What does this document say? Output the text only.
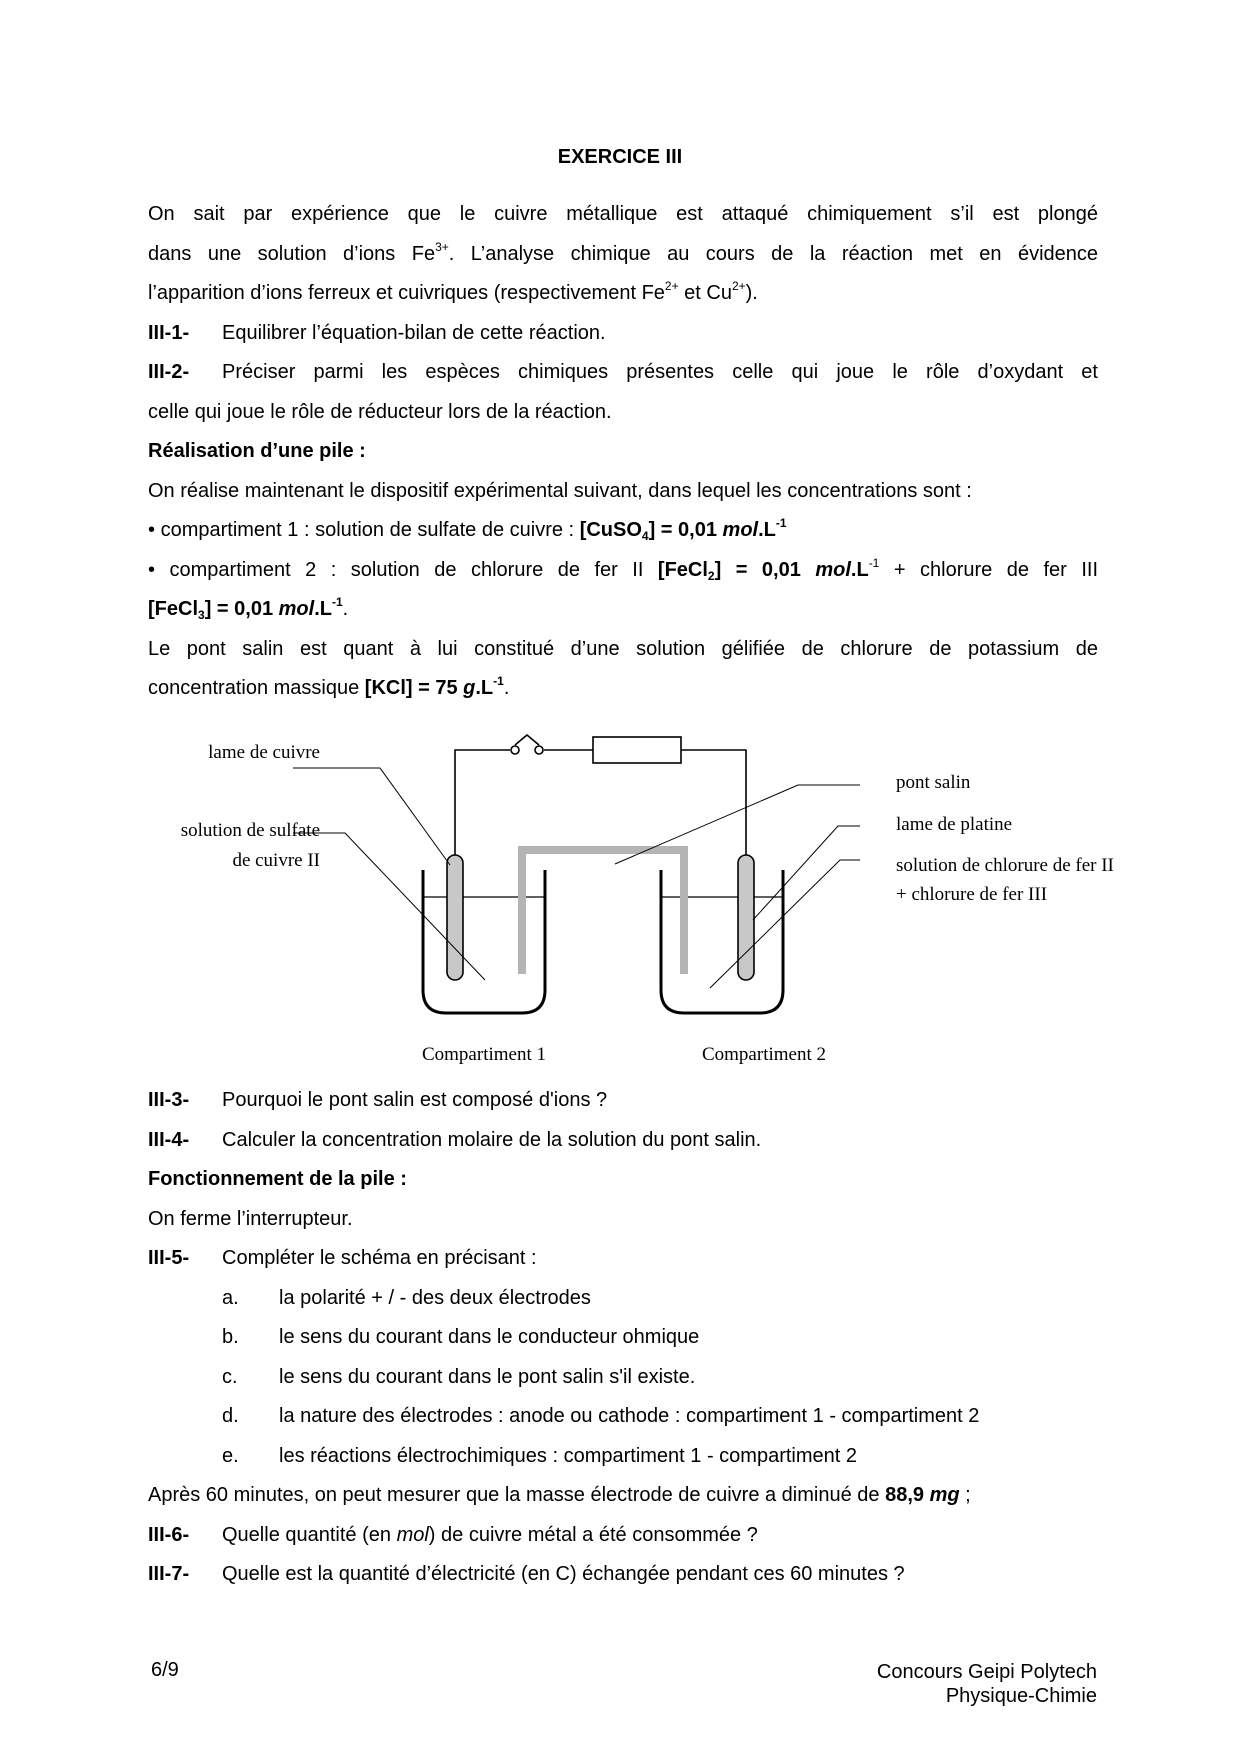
EXERCICE III
On sait par expérience que le cuivre métallique est attaqué chimiquement s’il est plongé
dans une solution d’ions $Fe^{3+}$. L’analyse chimique au cours de la réaction met en évidence
l’apparition d’ions ferreux et cuivriques (respectivement $Fe^{2+}$ et $Cu^{2+}$).
III-1- Equilibrer l’équation-bilan de cette réaction.
III-2- Préciser parmi les espèces chimiques présentes celle qui joue le rôle d’oxydant et
celle qui joue le rôle de réducteur lors de la réaction.
Réalisation d’une pile :
On réalise maintenant le dispositif expérimental suivant, dans lequel les concentrations sont :
• compartiment 1 : solution de sulfate de cuivre : [CuSO$_4$] = 0,01 $mol.L^{-1}$
• compartiment 2 : solution de chlorure de fer II [FeCl$_2$] = 0,01 $mol.L^{-1}$ + chlorure de fer III
[FeCl$_3$] = 0,01 $mol.L^{-1}$.
Le pont salin est quant à lui constitué d’une solution gélifiée de chlorure de potassium de
concentration massique [KCl] = 75 $g.L^{-1}$.
lame de cuivre
solution de sulfate
de cuivre II
pont salin
lame de platine
solution de chlorure de fer II
+ chlorure de fer III
Compartiment 1	Compartiment 2
III-3- Pourquoi le pont salin est composé d'ions ?
III-4- Calculer la concentration molaire de la solution du pont salin.
Fonctionnement de la pile :
On ferme l’interrupteur.
III-5- Compléter le schéma en précisant :
a. la polarité + / - des deux électrodes
b. le sens du courant dans le conducteur ohmique
c. le sens du courant dans le pont salin s'il existe.
d. la nature des électrodes : anode ou cathode : compartiment 1 - compartiment 2
e. les réactions électrochimiques : compartiment 1 - compartiment 2
Après 60 minutes, on peut mesurer que la masse électrode de cuivre a diminué de 88,9 mg ;
III-6- Quelle quantité (en mol) de cuivre métal a été consommée ?
III-7- Quelle est la quantité d’électricité (en C) échangée pendant ces 60 minutes ?
6/9	Concours Geipi Polytech
Physique-Chimie
